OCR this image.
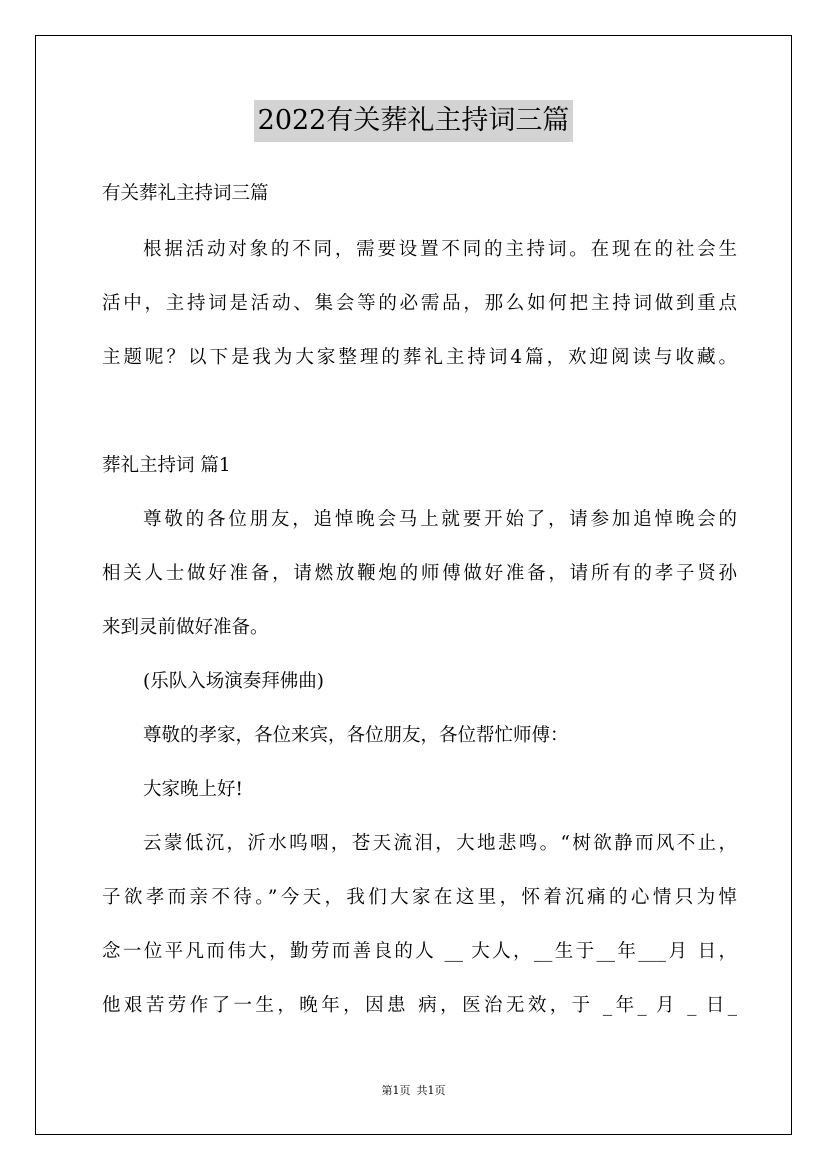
2022有关葬礼主持词三篇
有关葬礼主持词三篇
根据活动对象的不同，需要设置不同的主持词。在现在的社会生
活中，主持词是活动、集会等的必需品，那么如何把主持词做到重点
主题呢？以下是我为大家整理的葬礼主持词4篇，欢迎阅读与收藏。
葬礼主持词 篇1
尊敬的各位朋友，追悼晚会马上就要开始了，请参加追悼晚会的
相关人士做好准备，请燃放鞭炮的师傅做好准备，请所有的孝子贤孙
来到灵前做好准备。
(乐队入场演奏拜佛曲)
尊敬的孝家，各位来宾，各位朋友，各位帮忙师傅：
大家晚上好!
云蒙低沉，沂水呜咽，苍天流泪，大地悲鸣。“树欲静而风不止，
子欲孝而亲不待。”今天，我们大家在这里，怀着沉痛的心情只为悼
念一位平凡而伟大，勤劳而善良的人 __ 大人，__生于__年___月 日，
他艰苦劳作了一生，晚年，因患 病，医治无效，于 _年_ 月 _ 日_
第1页 共1页
